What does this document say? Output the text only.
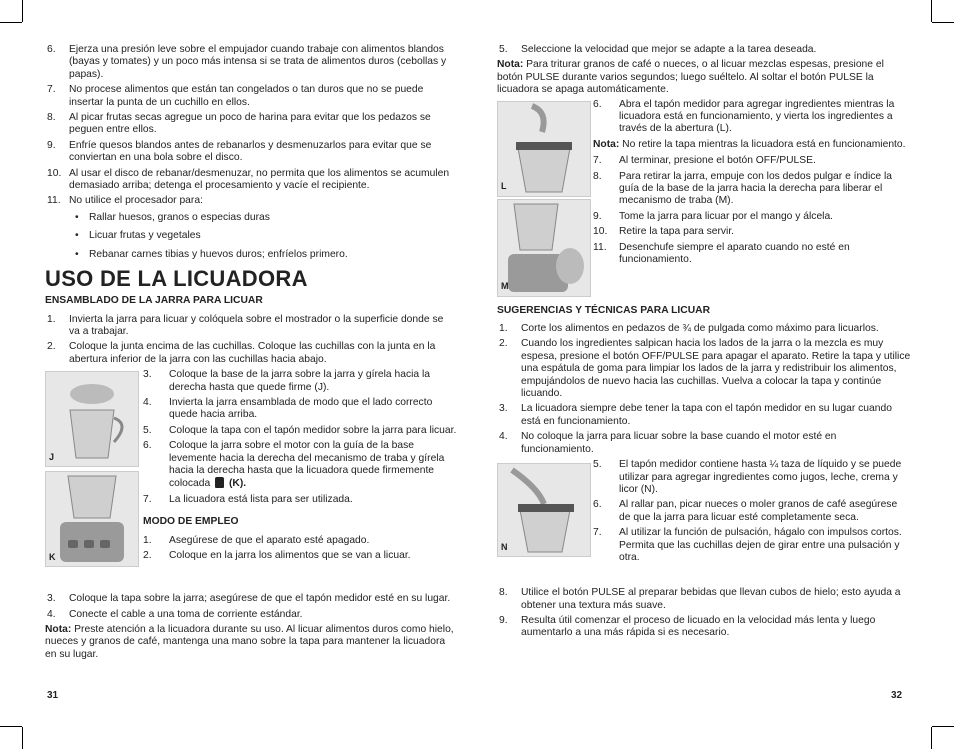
6. Ejerza una presión leve sobre el empujador cuando trabaje con alimentos blandos (bayas y tomates) y un poco más intensa si se trata de alimentos duros (cebollas y papas).
7. No procese alimentos que están tan congelados o tan duros que no se puede insertar la punta de un cuchillo en ellos.
8. Al picar frutas secas agregue un poco de harina para evitar que los pedazos se peguen entre ellos.
9. Enfríe quesos blandos antes de rebanarlos y desmenuzarlos para evitar que se conviertan en una bola sobre el disco.
10. Al usar el disco de rebanar/desmenuzar, no permita que los alimentos se acumulen demasiado arriba; detenga el procesamiento y vacíe el recipiente.
11. No utilice el procesador para:
• Rallar huesos, granos o especias duras
• Licuar frutas y vegetales
• Rebanar carnes tibias y huevos duros; enfríelos primero.
USO DE LA LICUADORA
ENSAMBLADO DE LA JARRA PARA LICUAR
1. Invierta la jarra para licuar y colóquela sobre el mostrador o la superficie donde se va a trabajar.
2. Coloque la junta encima de las cuchillas. Coloque las cuchillas con la junta en la abertura inferior de la jarra con las cuchillas hacia abajo.
J
K
3. Coloque la base de la jarra sobre la jarra y gírela hacia la derecha hasta que quede firme (J).
4. Invierta la jarra ensamblada de modo que el lado correcto quede hacia arriba.
5. Coloque la tapa con el tapón medidor sobre la jarra para licuar.
6. Coloque la jarra sobre el motor con la guía de la base levemente hacia la derecha del mecanismo de traba y gírela hacia la derecha hasta que la licuadora quede firmemente colocada (K).
7. La licuadora está lista para ser utilizada.
MODO DE EMPLEO
1. Asegúrese de que el aparato esté apagado.
2. Coloque en la jarra los alimentos que se van a licuar.
3. Coloque la tapa sobre la jarra; asegúrese de que el tapón medidor esté en su lugar.
4. Conecte el cable a una toma de corriente estándar.

Nota: Preste atención a la licuadora durante su uso. Al licuar alimentos duros como hielo, nueces y granos de café, mantenga una mano sobre la tapa para mantener la licuadora en su lugar.

31
5. Seleccione la velocidad que mejor se adapte a la tarea deseada.

Nota: Para triturar granos de café o nueces, o al licuar mezclas espesas, presione el botón PULSE durante varios segundos; luego suéltelo. Al soltar el botón PULSE la licuadora se apaga automáticamente.

L
M
6. Abra el tapón medidor para agregar ingredientes mientras la licuadora está en funcionamiento, y vierta los ingredientes a través de la abertura (L).

Nota: No retire la tapa mientras la licuadora está en funcionamiento.

7. Al terminar, presione el botón OFF/PULSE.
8. Para retirar la jarra, empuje con los dedos pulgar e índice la guía de la base de la jarra hacia la derecha para liberar el mecanismo de traba (M).
9. Tome la jarra para licuar por el mango y álcela.
10. Retire la tapa para servir.
11. Desenchufe siempre el aparato cuando no esté en funcionamiento.
SUGERENCIAS Y TÉCNICAS PARA LICUAR
1. Corte los alimentos en pedazos de ¾ de pulgada como máximo para licuarlos.
2. Cuando los ingredientes salpican hacia los lados de la jarra o la mezcla es muy espesa, presione el botón OFF/PULSE para apagar el aparato. Retire la tapa y utilice una espátula de goma para limpiar los lados de la jarra y redistribuir los alimentos, empujándolos de nuevo hacia las cuchillas. Vuelva a colocar la tapa y continúe licuando.
3. La licuadora siempre debe tener la tapa con el tapón medidor en su lugar cuando está en funcionamiento.
4. No coloque la jarra para licuar sobre la base cuando el motor esté en funcionamiento.
N
5. El tapón medidor contiene hasta ¼ taza de líquido y se puede utilizar para agregar ingredientes como jugos, leche, crema y licor (N).
6. Al rallar pan, picar nueces o moler granos de café asegúrese de que la jarra para licuar esté completamente seca.
7. Al utilizar la función de pulsación, hágalo con impulsos cortos. Permita que las cuchillas dejen de girar entre una pulsación y otra.
8. Utilice el botón PULSE al preparar bebidas que llevan cubos de hielo; esto ayuda a obtener una textura más suave.
9. Resulta útil comenzar el proceso de licuado en la velocidad más lenta y luego aumentarlo a una más rápida si es necesario.
32
